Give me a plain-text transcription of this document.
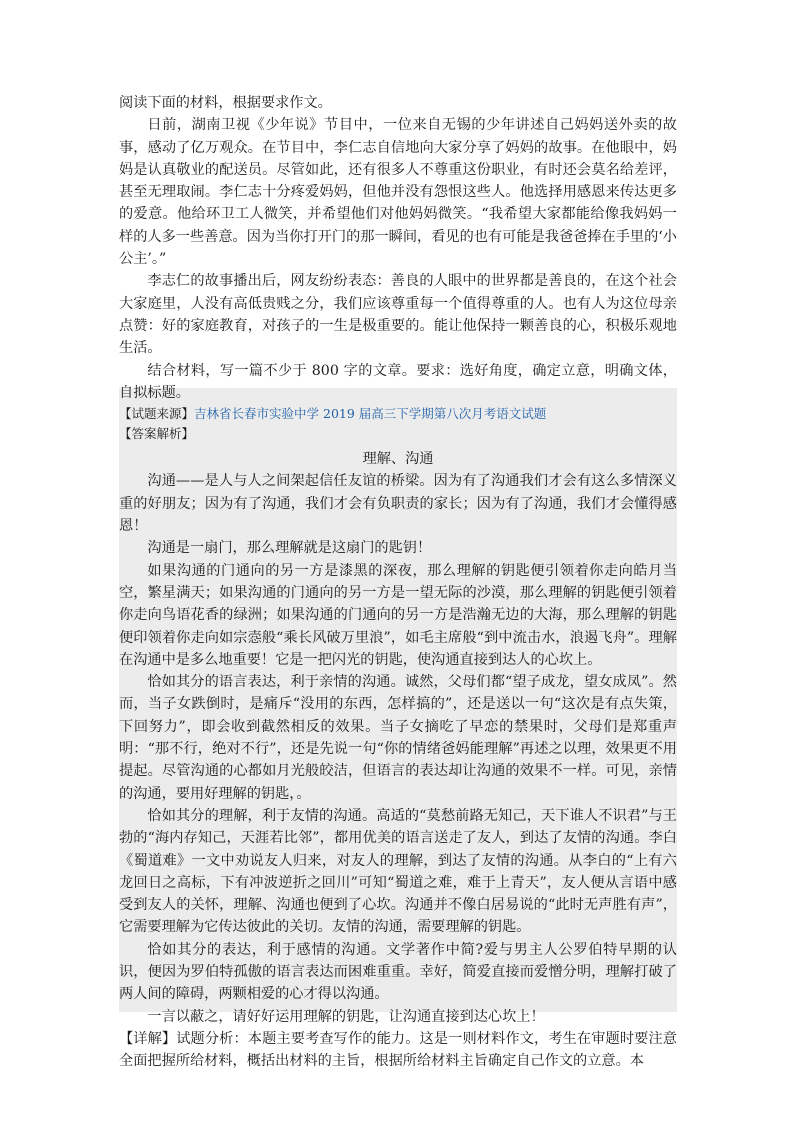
阅读下面的材料，根据要求作文。

日前，湖南卫视《少年说》节目中，一位来自无锡的少年讲述自己妈妈送外卖的故事，感动了亿万观众。在节目中，李仁志自信地向大家分享了妈妈的故事。在他眼中，妈妈是认真敬业的配送员。尽管如此，还有很多人不尊重这份职业，有时还会莫名给差评，甚至无理取闹。李仁志十分疼爱妈妈，但他并没有怨恨这些人。他选择用感恩来传达更多的爱意。他给环卫工人微笑，并希望他们对他妈妈微笑。“我希望大家都能给像我妈妈一样的人多一些善意。因为当你打开门的那一瞬间，看见的也有可能是我爸爸捧在手里的‘小公主’。”

李志仁的故事播出后，网友纷纷表态：善良的人眼中的世界都是善良的，在这个社会大家庭里，人没有高低贵贱之分，我们应该尊重每一个值得尊重的人。也有人为这位母亲点赞：好的家庭教育，对孩子的一生是极重要的。能让他保持一颗善良的心，积极乐观地生活。

结合材料，写一篇不少于 800 字的文章。要求：选好角度，确定立意，明确文体，自拟标题。

【试题来源】吉林省长春市实验中学 2019 届高三下学期第八次月考语文试题

【答案解析】

理解、沟通

沟通——是人与人之间架起信任友谊的桥梁。因为有了沟通我们才会有这么多情深义重的好朋友；因为有了沟通，我们才会有负职责的家长；因为有了沟通，我们才会懂得感恩！

沟通是一扇门，那么理解就是这扇门的匙钥！

如果沟通的门通向的另一方是漆黑的深夜，那么理解的钥匙便引领着你走向皓月当空，繁星满天；如果沟通的门通向的另一方是一望无际的沙漠，那么理解的钥匙便引领着你走向鸟语花香的绿洲；如果沟通的门通向的另一方是浩瀚无边的大海，那么理解的钥匙便印领着你走向如宗悫般“乘长风破万里浪”，如毛主席般“到中流击水，浪遏飞舟”。理解在沟通中是多么地重要！它是一把闪光的钥匙，使沟通直接到达人的心坎上。

恰如其分的语言表达，利于亲情的沟通。诚然，父母们都“望子成龙，望女成凤”。然而，当子女跌倒时，是痛斥“没用的东西，怎样搞的”，还是送以一句“这次是有点失策，下回努力”，即会收到截然相反的效果。当子女摘吃了早恋的禁果时，父母们是郑重声明：“那不行，绝对不行”，还是先说一句“你的情绪爸妈能理解”再述之以理，效果更不用提起。尽管沟通的心都如月光般皎洁，但语言的表达却让沟通的效果不一样。可见，亲情的沟通，要用好理解的钥匙，。

恰如其分的理解，利于友情的沟通。高适的“莫愁前路无知己，天下谁人不识君”与王勃的“海内存知己，天涯若比邻”，都用优美的语言送走了友人，到达了友情的沟通。李白《蜀道难》一文中劝说友人归来，对友人的理解，到达了友情的沟通。从李白的“上有六龙回日之高标，下有冲波逆折之回川”可知“蜀道之难，难于上青天”，友人便从言语中感受到友人的关怀，理解、沟通也便到了心坎。沟通并不像白居易说的“此时无声胜有声”，它需要理解为它传达彼此的关切。友情的沟通，需要理解的钥匙。

恰如其分的表达，利于感情的沟通。文学著作中简?爱与男主人公罗伯特早期的认识，便因为罗伯特孤傲的语言表达而困难重重。幸好，简爱直接而爱憎分明，理解打破了两人间的障碍，两颗相爱的心才得以沟通。

一言以蔽之，请好好运用理解的钥匙，让沟通直接到达心坎上！

【详解】试题分析：本题主要考查写作的能力。这是一则材料作文，考生在审题时要注意全面把握所给材料，概括出材料的主旨，根据所给材料主旨确定自己作文的立意。本
